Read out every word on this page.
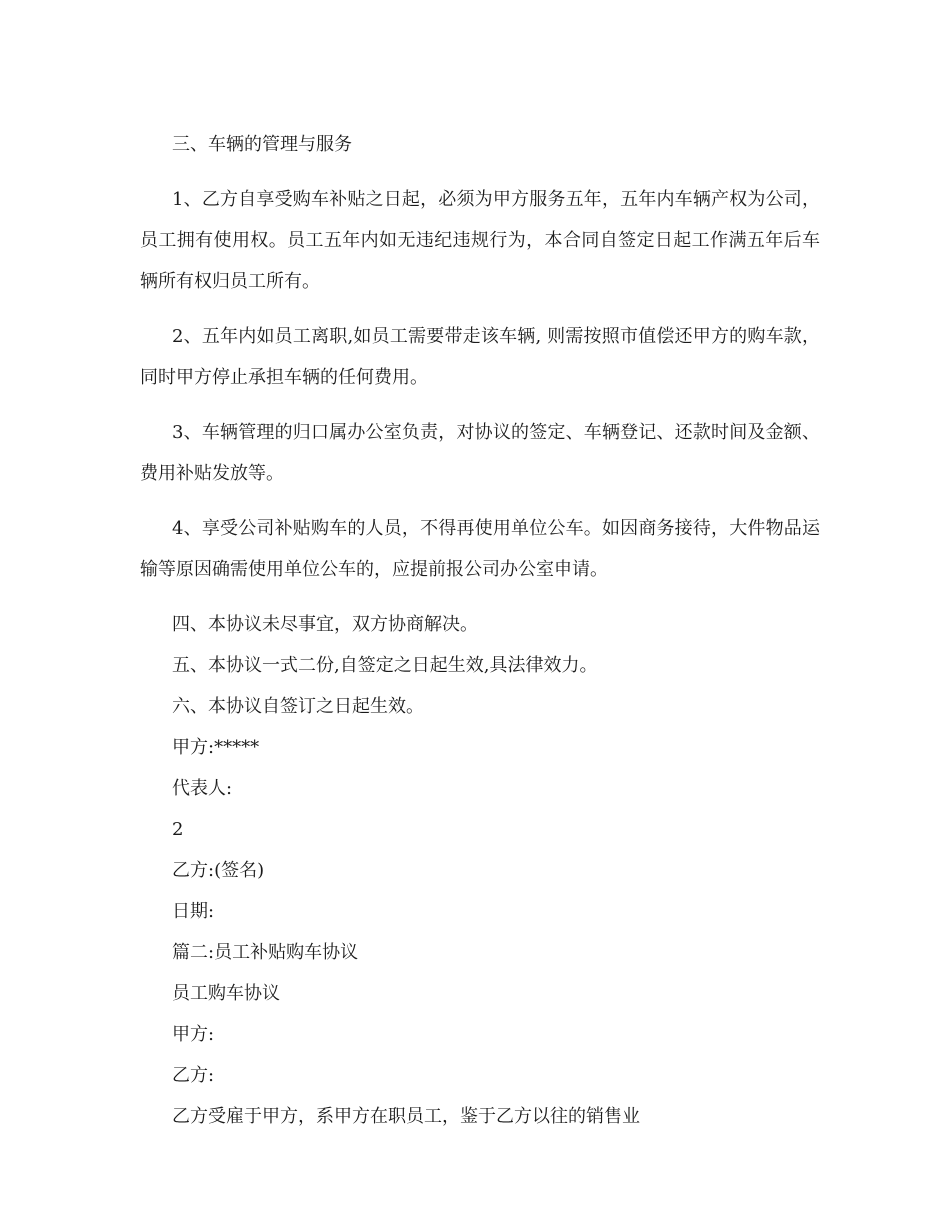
三、车辆的管理与服务

1、乙方自享受购车补贴之日起，必须为甲方服务五年，五年内车辆产权为公司，员工拥有使用权。员工五年内如无违纪违规行为，本合同自签定日起工作满五年后车辆所有权归员工所有。

2、五年内如员工离职,如员工需要带走该车辆, 则需按照市值偿还甲方的购车款，同时甲方停止承担车辆的任何费用。

3、车辆管理的归口属办公室负责，对协议的签定、车辆登记、还款时间及金额、费用补贴发放等。

4、享受公司补贴购车的人员，不得再使用单位公车。如因商务接待，大件物品运输等原因确需使用单位公车的，应提前报公司办公室申请。

四、本协议未尽事宜，双方协商解决。

五、本协议一式二份,自签定之日起生效,具法律效力。

六、本协议自签订之日起生效。

甲方:*****

代表人:

2

乙方:(签名)

日期:

篇二:员工补贴购车协议

员工购车协议

甲方:

乙方:

乙方受雇于甲方，系甲方在职员工，鉴于乙方以往的销售业
